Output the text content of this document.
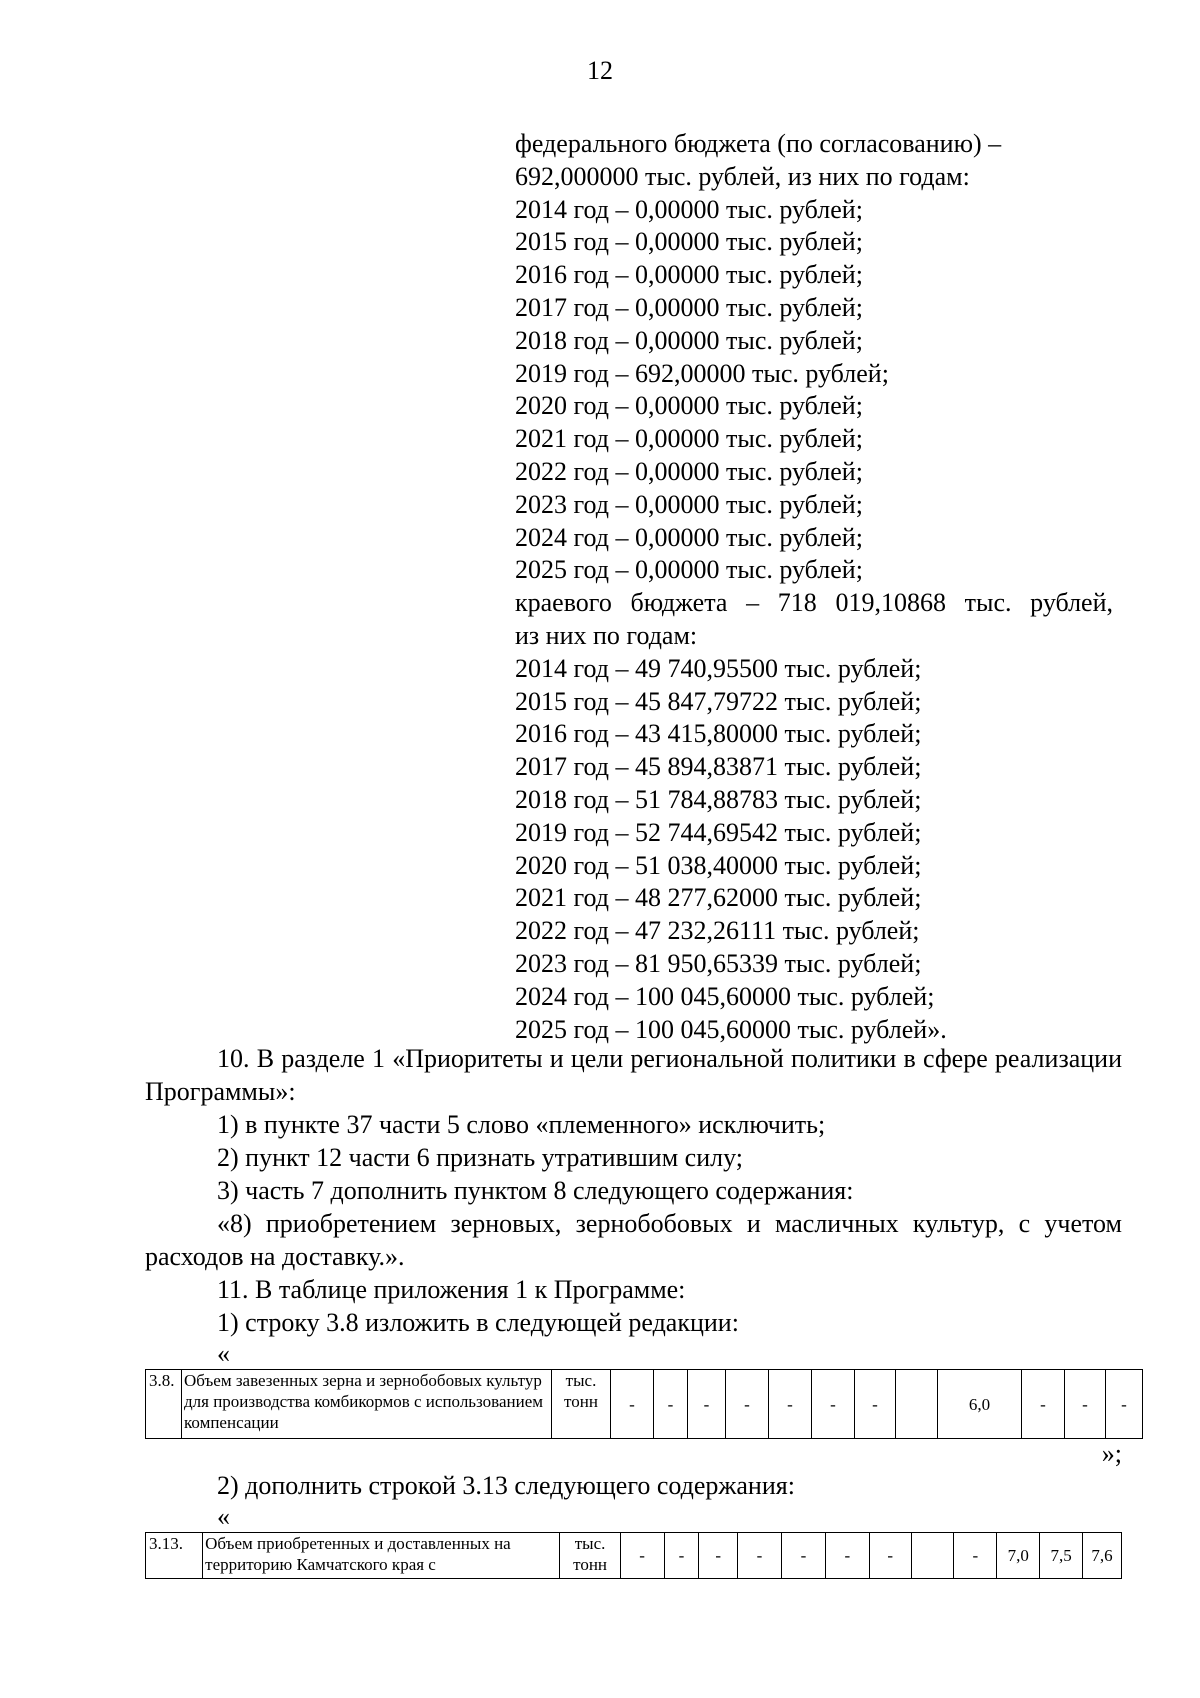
12
федерального бюджета (по согласованию) –
692,000000 тыс. рублей, из них по годам:
2014 год – 0,00000 тыс. рублей;
2015 год – 0,00000 тыс. рублей;
2016 год – 0,00000 тыс. рублей;
2017 год – 0,00000 тыс. рублей;
2018 год – 0,00000 тыс. рублей;
2019 год – 692,00000 тыс. рублей;
2020 год – 0,00000 тыс. рублей;
2021 год – 0,00000 тыс. рублей;
2022 год – 0,00000 тыс. рублей;
2023 год – 0,00000 тыс. рублей;
2024 год – 0,00000 тыс. рублей;
2025 год – 0,00000 тыс. рублей;
краевого бюджета – 718 019,10868 тыс. рублей,
из них по годам:
2014 год – 49 740,95500 тыс. рублей;
2015 год – 45 847,79722 тыс. рублей;
2016 год – 43 415,80000 тыс. рублей;
2017 год – 45 894,83871 тыс. рублей;
2018 год – 51 784,88783 тыс. рублей;
2019 год – 52 744,69542 тыс. рублей;
2020 год – 51 038,40000 тыс. рублей;
2021 год – 48 277,62000 тыс. рублей;
2022 год – 47 232,26111 тыс. рублей;
2023 год – 81 950,65339 тыс. рублей;
2024 год – 100 045,60000 тыс. рублей;
2025 год – 100 045,60000 тыс. рублей».

10. В разделе 1 «Приоритеты и цели региональной политики в сфере реализации Программы»:

1) в пункте 37 части 5 слово «племенного» исключить;

2) пункт 12 части 6 признать утратившим силу;

3) часть 7 дополнить пунктом 8 следующего содержания:

«8) приобретением зерновых, зернобобовых и масличных культур, с учетом расходов на доставку.».

11. В таблице приложения 1 к Программе:

1) строку 3.8 изложить в следующей редакции:

«
3.8.	Объем завезенных зерна и зернобобовых культур для производства комбикормов с использованием компенсации	тыс. тонн	-	-	-	-	-	-	-		6,0	-	-	-
»;

2) дополнить строкой 3.13 следующего содержания:

«
3.13.	Объем приобретенных и доставленных на территорию Камчатского края с	тыс. тонн	-	-	-	-	-	-	-		-	7,0	7,5	7,6
